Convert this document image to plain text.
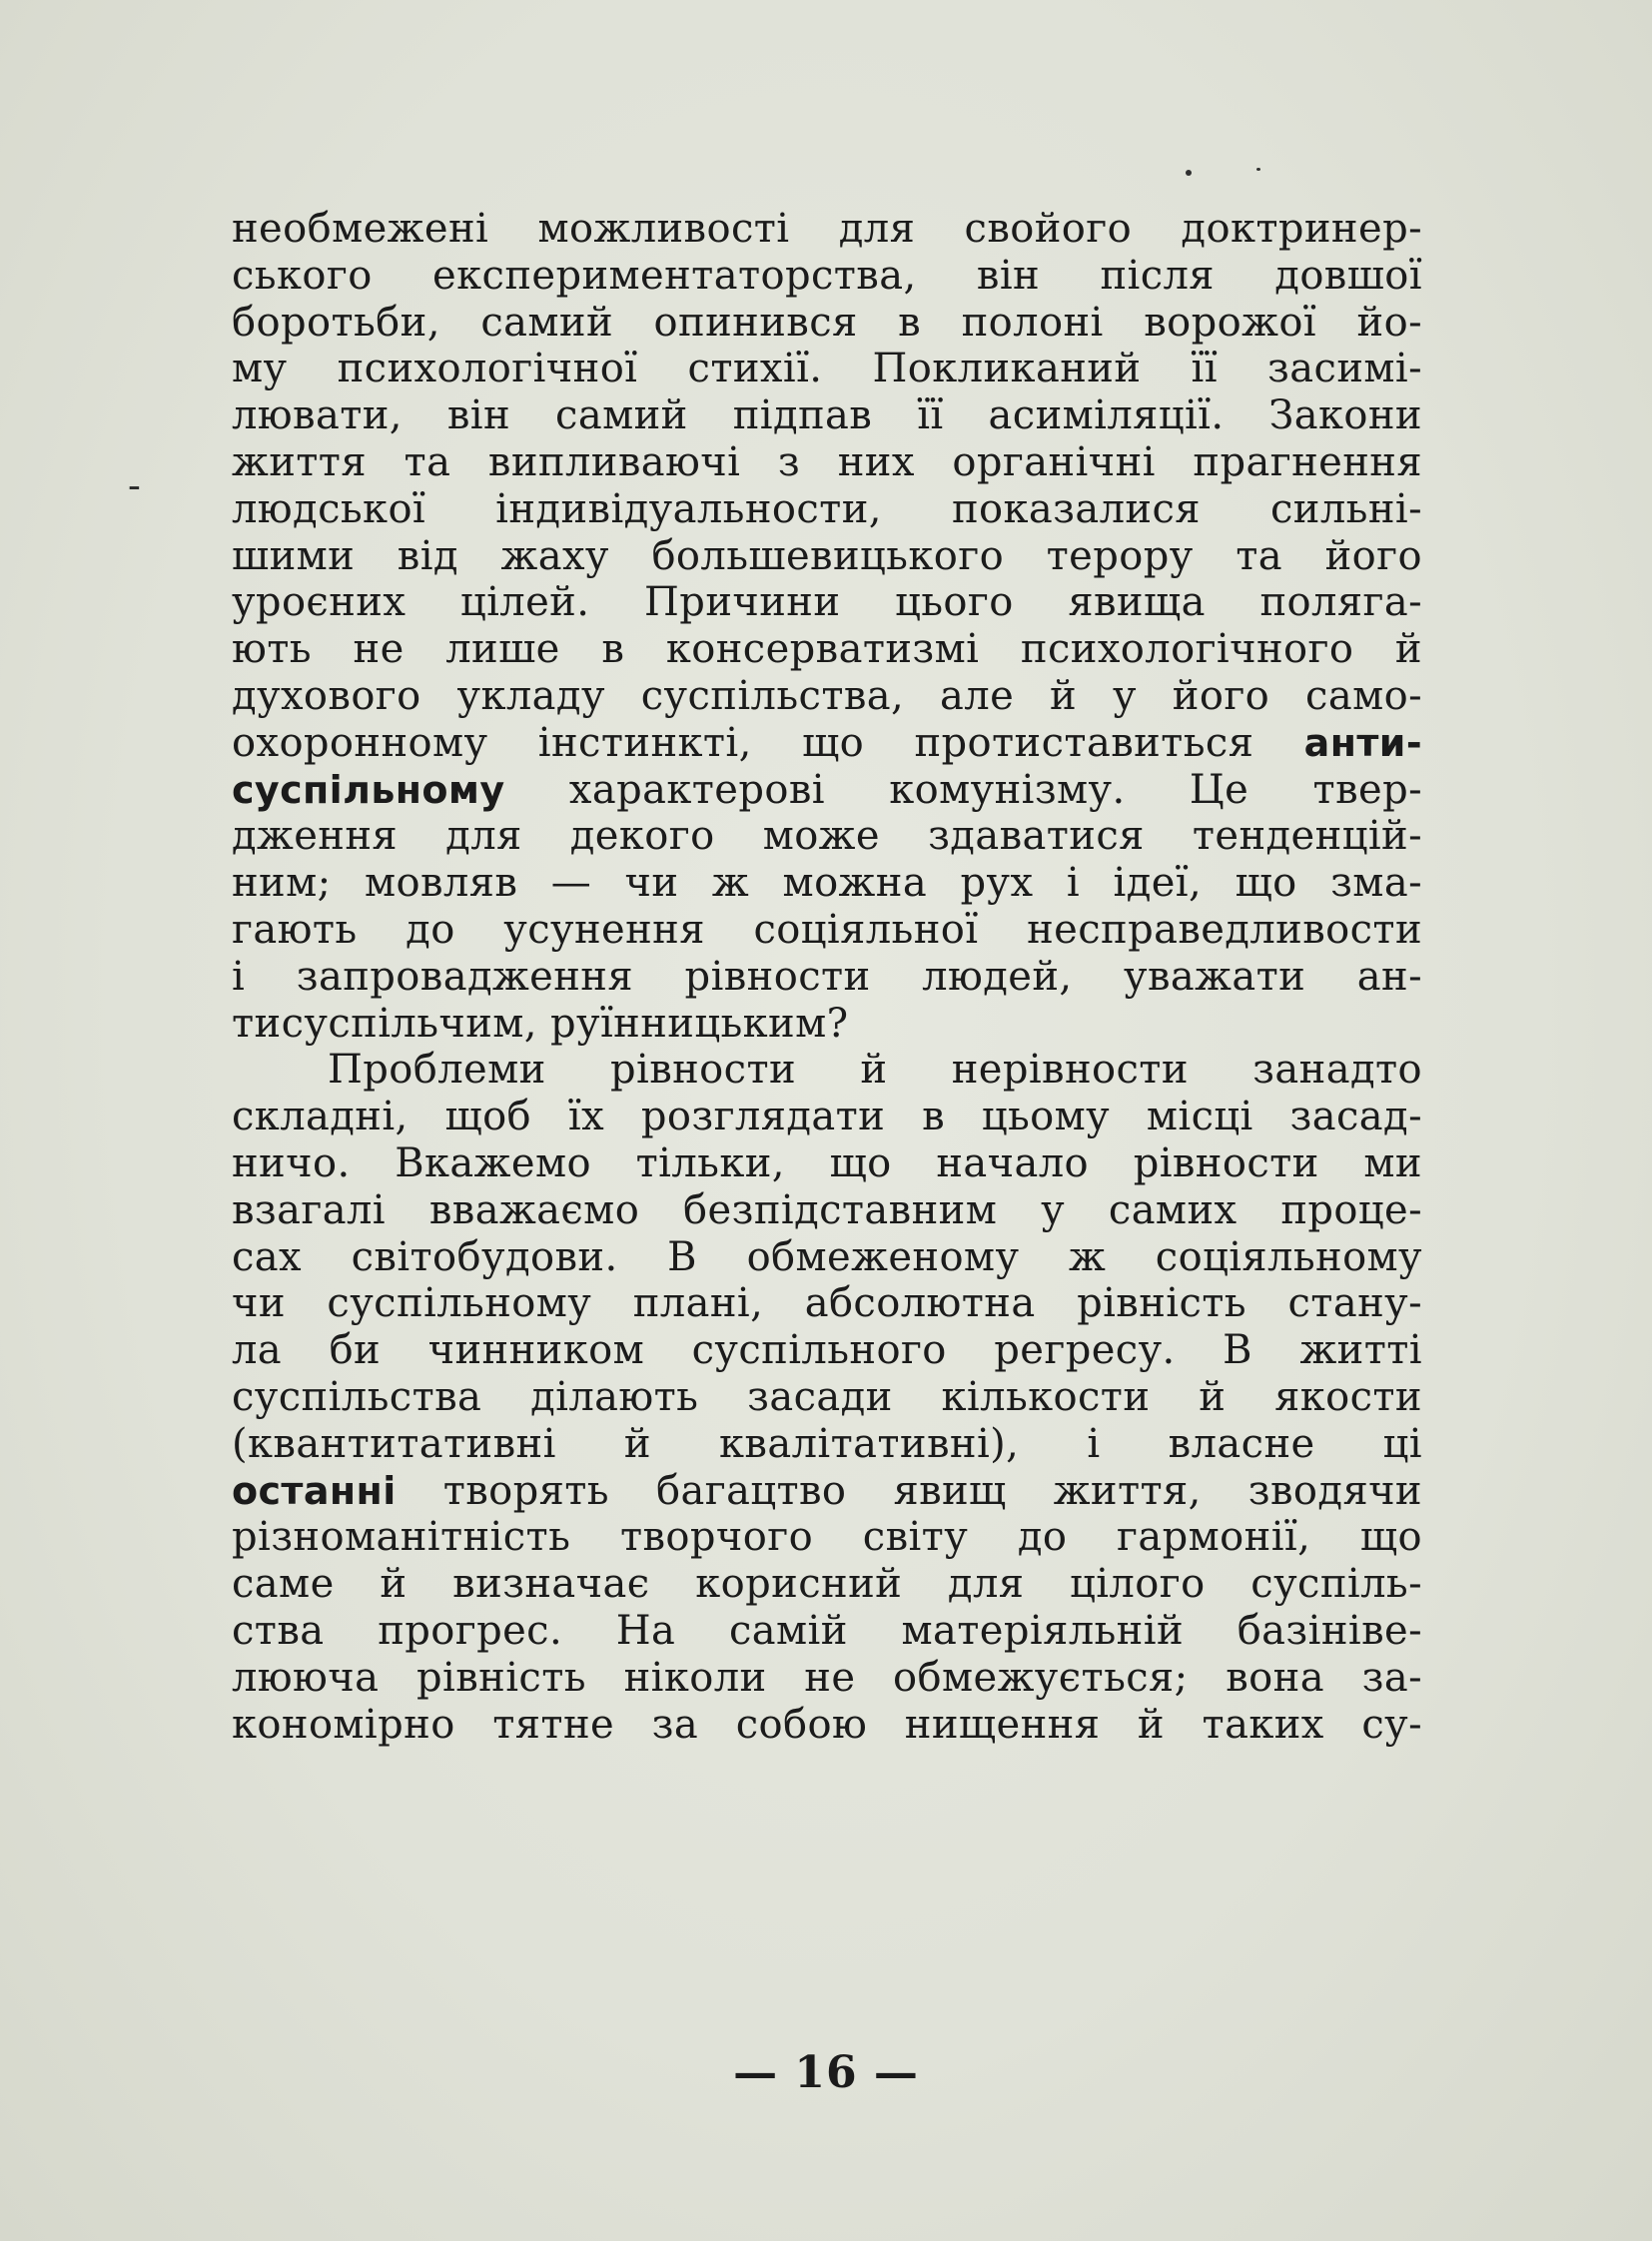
-
необмежені можливості для свойого доктринер-
ського експериментаторства, він після довшої
боротьби, самий опинився в полоні ворожої йо-
му психологічної стихії. Покликаний її засимі-
лювати, він самий підпав її асиміляції. Закони
життя та випливаючі з них органічні прагнення
людської індивідуальности, показалися сильні-
шими від жаху большевицького терору та його
уроєних цілей. Причини цього явища поляга-
ють не лише в консерватизмі психологічного й
духового укладу суспільства, але й у його само-
охоронному інстинкті, що протиставиться анти-
суспільному характерові комунізму. Це твер-
дження для декого може здаватися тенденцій-
ним; мовляв — чи ж можна рух і ідеї, що зма-
гають до усунення соціяльної несправедливости
і запровадження рівности людей, уважати ан-
тисуспільчим, руїнницьким?
Проблеми рівности й нерівности занадто
складні, щоб їх розглядати в цьому місці засад-
ничо. Вкажемо тільки, що начало рівности ми
взагалі вважаємо безпідставним у самих проце-
сах світобудови. В обмеженому ж соціяльному
чи суспільному плані, абсолютна рівність стану-
ла би чинником суспільного регресу. В житті
суспільства ділають засади кількости й якости
(квантитативні й квалітативні), і власне ці
останні творять багацтво явищ життя, зводячи
різноманітність творчого світу до гармонії, що
саме й визначає корисний для цілого суспіль-
ства прогрес. На самій матеріяльній базініве-
лююча рівність ніколи не обмежується; вона за-
кономірно тятне за собою нищення й таких су-
— 16 —
